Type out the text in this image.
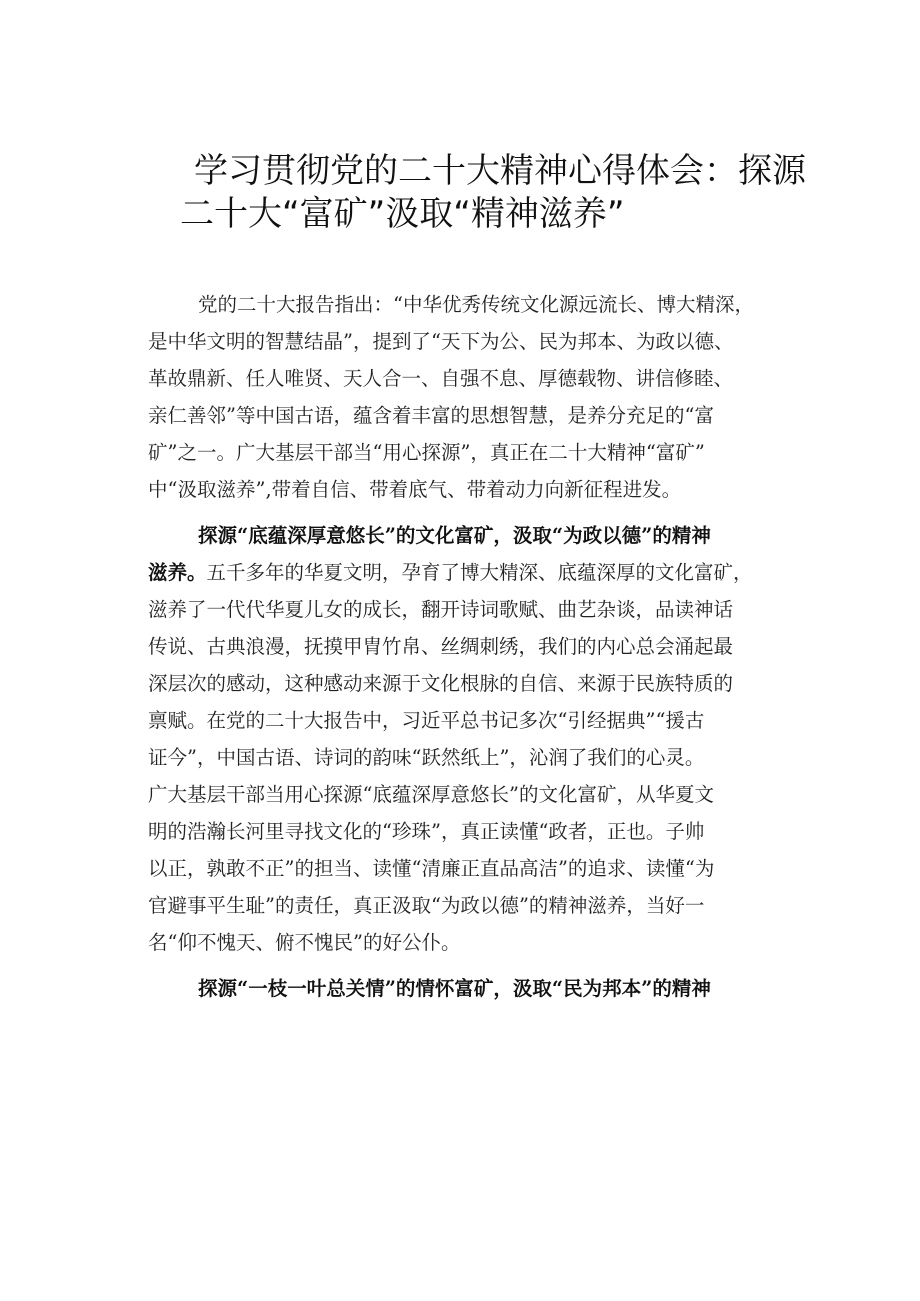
学习贯彻党的二十大精神心得体会：探源
二十大“富矿”汲取“精神滋养”
党的二十大报告指出：“中华优秀传统文化源远流长、博大精深，
是中华文明的智慧结晶”，提到了“天下为公、民为邦本、为政以德、
革故鼎新、任人唯贤、天人合一、自强不息、厚德载物、讲信修睦、
亲仁善邻”等中国古语，蕴含着丰富的思想智慧，是养分充足的“富
矿”之一。广大基层干部当“用心探源”，真正在二十大精神“富矿”
中“汲取滋养”,带着自信、带着底气、带着动力向新征程进发。
探源“底蕴深厚意悠长”的文化富矿，汲取“为政以德”的精神
滋养。五千多年的华夏文明，孕育了博大精深、底蕴深厚的文化富矿，
滋养了一代代华夏儿女的成长，翻开诗词歌赋、曲艺杂谈，品读神话
传说、古典浪漫，抚摸甲胄竹帛、丝绸刺绣，我们的内心总会涌起最
深层次的感动，这种感动来源于文化根脉的自信、来源于民族特质的
禀赋。在党的二十大报告中，习近平总书记多次“引经据典”“援古
证今”，中国古语、诗词的韵味“跃然纸上”，沁润了我们的心灵。
广大基层干部当用心探源“底蕴深厚意悠长”的文化富矿，从华夏文
明的浩瀚长河里寻找文化的“珍珠”，真正读懂“政者，正也。子帅
以正，孰敢不正”的担当、读懂“清廉正直品高洁”的追求、读懂“为
官避事平生耻”的责任，真正汲取“为政以德”的精神滋养，当好一
名“仰不愧天、俯不愧民”的好公仆。
探源“一枝一叶总关情”的情怀富矿，汲取“民为邦本”的精神
